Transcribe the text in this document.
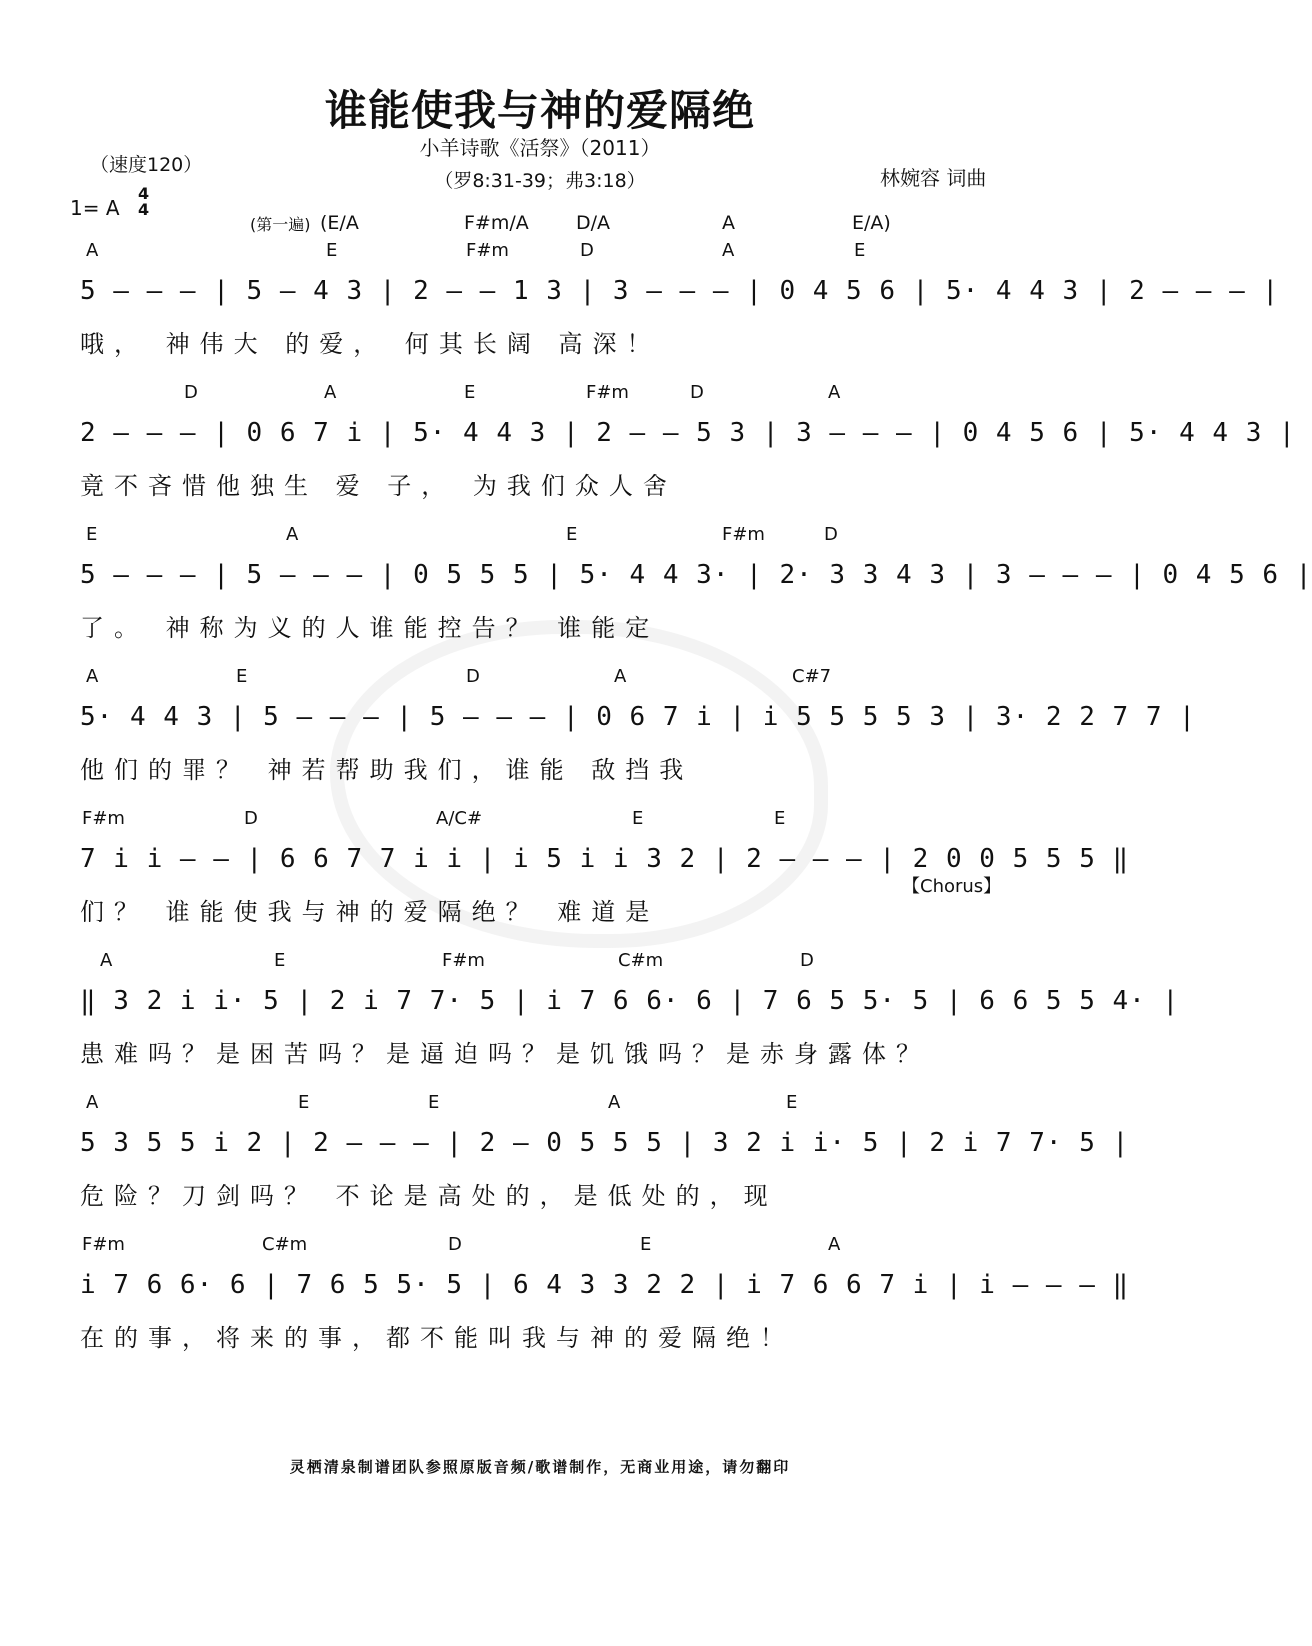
谁能使我与神的爱隔绝
小羊诗歌《活祭》（2011）
（罗8:31-39；弗3:18）
（速度120）
林婉容 词曲
1= A
4
4
(第一遍) (E/A	F#m/A D/A	A	E/A)
A	E	F#m	D	A	E
5 — — — | 5 — 4 3 | 2 — — 1 3 | 3 — — — | 0 4 5 6 | 5· 4 4 3 | 2 — — — |
哦， 神伟大 的爱， 何其长阔 高深！
D	A	E	F#m	D	A
2 — — — | 0 6 7 i | 5· 4 4 3 | 2 — — 5 3 | 3 — — — | 0 4 5 6 | 5· 4 4 3 |
竟不吝惜他独生 爱 子， 为我们众人舍
E	A	E	F#m	D
5 — — — | 5 — — — | 0 5 5 5 | 5· 4 4 3· | 2· 3 3 4 3 | 3 — — — | 0 4 5 6 |
了。 神称为义的人谁能控告？ 谁能定
A	E	D	A	C#7
5· 4 4 3 | 5 — — — | 5 — — — | 0 6 7 i | i 5 5 5 5 3 | 3· 2 2 7 7 |
他们的罪？ 神若帮助我们，谁能 敌挡我
F#m	D	A/C#	E	E
7 i i — — | 6 6 7 7 i i | i 5 i i 3 2 | 2 — — — | 2 0 0 5 5 5 ‖
们？ 谁能使我与神的爱隔绝？ 难道是
【Chorus】
A	E	F#m	C#m	D
‖ 3 2 i i· 5 | 2 i 7 7· 5 | i 7 6 6· 6 | 7 6 5 5· 5 | 6 6 5 5 4· |
患难吗？是困苦吗？是逼迫吗？是饥饿吗？是赤身露体？
A	E	E	A	E
5 3 5 5 i 2 | 2 — — — | 2 — 0 5 5 5 | 3 2 i i· 5 | 2 i 7 7· 5 |
危险？刀剑吗？ 不论是高处的，是低处的，现
F#m	C#m	D	E	A
i 7 6 6· 6 | 7 6 5 5· 5 | 6 4 3 3 2 2 | i 7 6 6 7 i | i — — — ‖
在的事，将来的事，都不能叫我与神的爱隔绝！
灵栖清泉制谱团队参照原版音频/歌谱制作，无商业用途，请勿翻印
